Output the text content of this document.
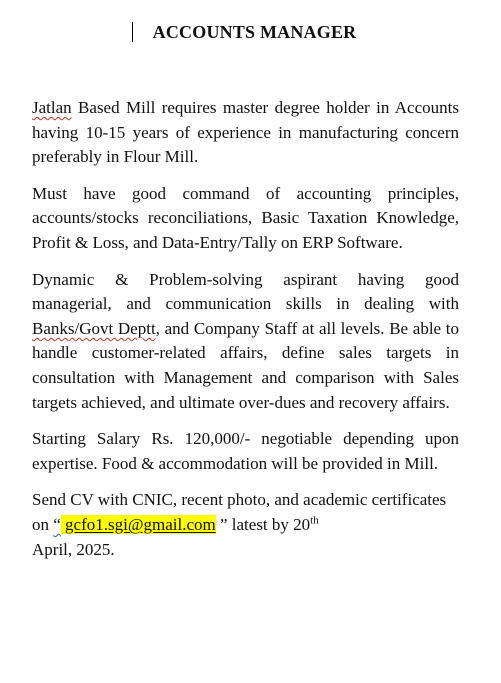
ACCOUNTS MANAGER

Jatlan Based Mill requires master degree holder in Accounts having 10-15 years of experience in manufacturing concern preferably in Flour Mill.

Must have good command of accounting principles, accounts/stocks reconciliations, Basic Taxation Knowledge, Profit & Loss, and Data-Entry/Tally on ERP Software.

Dynamic & Problem-solving aspirant having good managerial, and communication skills in dealing with Banks/Govt Deptt, and Company Staff at all levels. Be able to handle customer-related affairs, define sales targets in consultation with Management and comparison with Sales targets achieved, and ultimate over-dues and recovery affairs.

Starting Salary Rs. 120,000/- negotiable depending upon expertise. Food & accommodation will be provided in Mill.

Send CV with CNIC, recent photo, and academic certificates on “ gcfo1.sgi@gmail.com ” latest by 20th
April, 2025.
